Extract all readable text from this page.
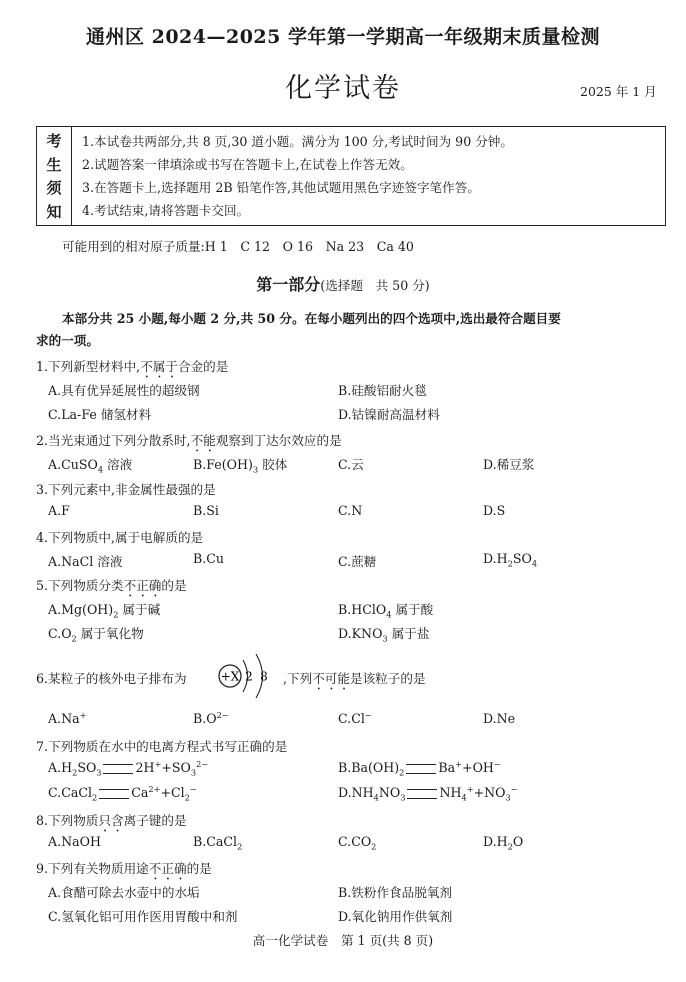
通州区 2024—2025 学年第一学期高一年级期末质量检测
化学试卷	2025 年 1 月
考
生
须
知
1.本试卷共两部分,共 8 页,30 道小题。满分为 100 分,考试时间为 90 分钟。
2.试题答案一律填涂或书写在答题卡上,在试卷上作答无效。
3.在答题卡上,选择题用 2B 铅笔作答,其他试题用黑色字迹签字笔作答。
4.考试结束,请将答题卡交回。
可能用到的相对原子质量:H 1　C 12　O 16　Na 23　Ca 40
第一部分(选择题　共 50 分)
本部分共 25 小题,每小题 2 分,共 50 分。在每小题列出的四个选项中,选出最符合题目要
求的一项。
1.下列新型材料中,不属于合金的是
A.具有优异延展性的超级钢	B.硅酸铝耐火毯
C.La-Fe 储氢材料	D.钴镍耐高温材料
2.当光束通过下列分散系时,不能观察到丁达尔效应的是
A.CuSO$_4$ 溶液	$B.Fe(OH)_3$ 胶体	C.云	D.稀豆浆
3.下列元素中,非金属性最强的是
A.F	B.Si	C.N	D.S
4.下列物质中,属于电解质的是
A.NaCl 溶液	B.Cu	C.蔗糖	$D.H_2SO_4$
5.下列物质分类不正确的是
$A.Mg(OH)_2$ 属于碱	B.HClO$_4$ 属于酸
$C.O_2$ 属于氧化物	$D.KNO_3$ 属于盐
6.某粒子的核外电子排布为	+X 2 8 ,下列不可能是该粒子的是
A.Na+	$B.O^{2-}$	C.Cl−	D.Ne
7.下列物质在水中的电离方程式书写正确的是
$A.H_2SO_3$	$2H^++SO_3^{2-}$	$B.Ba(OH)_2$	Ba++OH−
C.CaCl$_2$	$Ca^{2+}+Cl_2^-$	$D.NH_4NO_3$	$NH_4^++NO_3^-$
8.下列物质只含离子键的是
A.NaOH	B.CaCl$_2$	$C.CO_2$	$D.H_2O$
9.下列有关物质用途不正确的是
A.食醋可除去水壶中的水垢	B.铁粉作食品脱氧剂
C.氢氧化铝可用作医用胃酸中和剂	D.氧化钠用作供氧剂
高一化学试卷　第 1 页(共 8 页)
